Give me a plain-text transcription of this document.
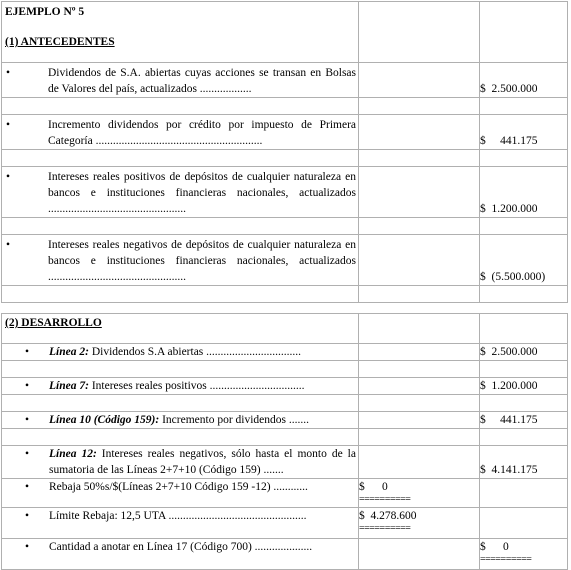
EJEMPLO Nº 5
(1) ANTECEDENTES		

• Dividendos de S.A. abiertas cuyas acciones se transan en Bolsas de Valores del país, actualizados ..................		$  2.500.000

• Incremento dividendos por crédito por impuesto de Primera Categoría ..........................................................		$     441.175

• Intereses reales positivos de depósitos de cualquier naturaleza en bancos e instituciones financieras nacionales, actualizados ................................................		$  1.200.000

• Intereses reales negativos de depósitos de cualquier naturaleza en bancos e instituciones financieras nacionales, actualizados ................................................		$  (5.500.000)

(2) DESARROLLO		

• Línea 2: Dividendos S.A abiertas .................................		$  2.500.000

• Línea 7: Intereses reales positivos .................................		$  1.200.000

• Línea 10 (Código 159): Incremento por dividendos .......		$     441.175

• Línea 12: Intereses reales negativos, sólo hasta el monto de la sumatoria de las Líneas 2+7+10 (Código 159) .......		$  4.141.175

• Rebaja 50%s/$(Líneas 2+7+10 Código 159 -12) ............	$      0
==========	

• Límite Rebaja: 12,5 UTA ................................................	$  4.278.600
==========	

• Cantidad a anotar en Línea 17 (Código 700) ....................		$      0
==========
